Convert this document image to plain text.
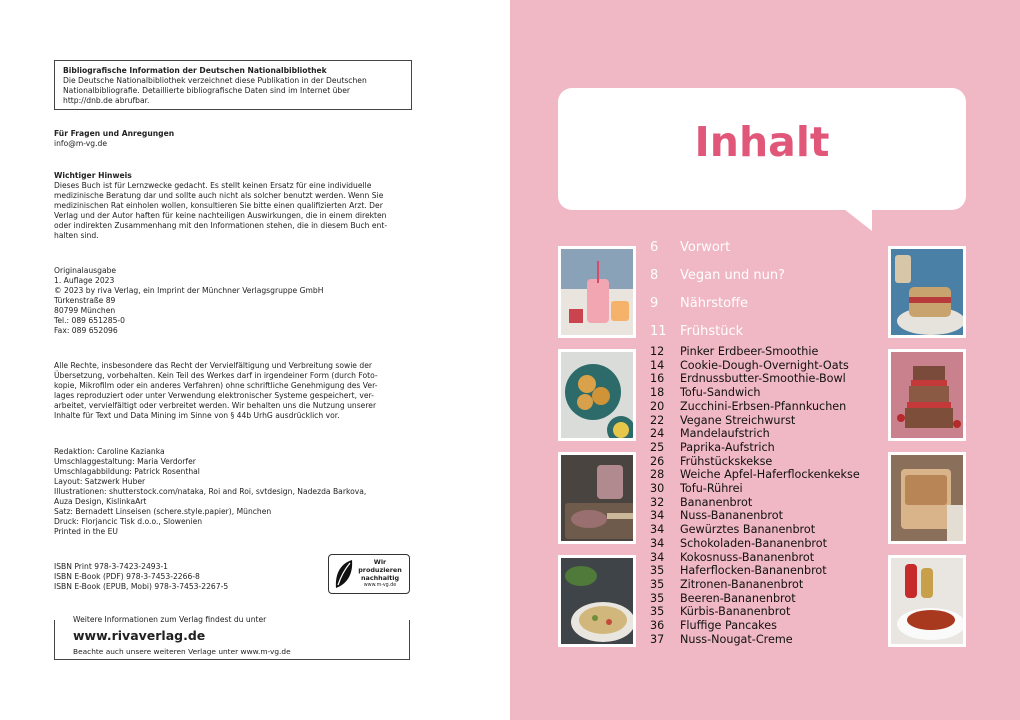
Bibliografische Information der Deutschen Nationalbibliothek
Die Deutsche Nationalbibliothek verzeichnet diese Publikation in der Deutschen
Nationalbibliografie. Detaillierte bibliografische Daten sind im Internet über
http://dnb.de abrufbar.
Für Fragen und Anregungen
info@m-vg.de
Wichtiger Hinweis
Dieses Buch ist für Lernzwecke gedacht. Es stellt keinen Ersatz für eine individuelle
medizinische Beratung dar und sollte auch nicht als solcher benutzt werden. Wenn Sie
medizinischen Rat einholen wollen, konsultieren Sie bitte einen qualifizierten Arzt. Der
Verlag und der Autor haften für keine nachteiligen Auswirkungen, die in einem direkten
oder indirekten Zusammenhang mit den Informationen stehen, die in diesem Buch ent-
halten sind.
Originalausgabe
1. Auflage 2023
© 2023 by riva Verlag, ein Imprint der Münchner Verlagsgruppe GmbH
Türkenstraße 89
80799 München
Tel.: 089 651285-0
Fax: 089 652096
Alle Rechte, insbesondere das Recht der Vervielfältigung und Verbreitung sowie der
Übersetzung, vorbehalten. Kein Teil des Werkes darf in irgendeiner Form (durch Foto-
kopie, Mikrofilm oder ein anderes Verfahren) ohne schriftliche Genehmigung des Ver-
lages reproduziert oder unter Verwendung elektronischer Systeme gespeichert, ver-
arbeitet, vervielfältigt oder verbreitet werden. Wir behalten uns die Nutzung unserer
Inhalte für Text und Data Mining im Sinne von § 44b UrhG ausdrücklich vor.
Redaktion: Caroline Kazianka
Umschlaggestaltung: Maria Verdorfer
Umschlagabbildung: Patrick Rosenthal
Layout: Satzwerk Huber
Illustrationen: shutterstock.com/nataka, Roi and Roi, svtdesign, Nadezda Barkova,
Auza Design, KislinkaArt
Satz: Bernadett Linseisen (schere.style.papier), München
Druck: Florjancic Tisk d.o.o., Slowenien
Printed in the EU
ISBN Print 978-3-7423-2493-1
ISBN E-Book (PDF) 978-3-7453-2266-8
ISBN E-Book (EPUB, Mobi) 978-3-7453-2267-5
Wir produzieren
nachhaltig
www.m-vg.de
Weitere Informationen zum Verlag findest du unter
www.rivaverlag.de
Beachte auch unsere weiteren Verlage unter www.m-vg.de
Inhalt
6	Vorwort
8	Vegan und nun?
9	Nährstoffe
11	Frühstück
12	Pinker Erdbeer-Smoothie
14	Cookie-Dough-Overnight-Oats
16	Erdnussbutter-Smoothie-Bowl
18	Tofu-Sandwich
20	Zucchini-Erbsen-Pfannkuchen
22	Vegane Streichwurst
24	Mandelaufstrich
25	Paprika-Aufstrich
26	Frühstückskekse
28	Weiche Apfel-Haferflockenkekse
30	Tofu-Rührei
32	Bananenbrot
34	Nuss-Bananenbrot
34	Gewürztes Bananenbrot
34	Schokoladen-Bananenbrot
34	Kokosnuss-Bananenbrot
35	Haferflocken-Bananenbrot
35	Zitronen-Bananenbrot
35	Beeren-Bananenbrot
35	Kürbis-Bananenbrot
36	Fluffige Pancakes
37	Nuss-Nougat-Creme
